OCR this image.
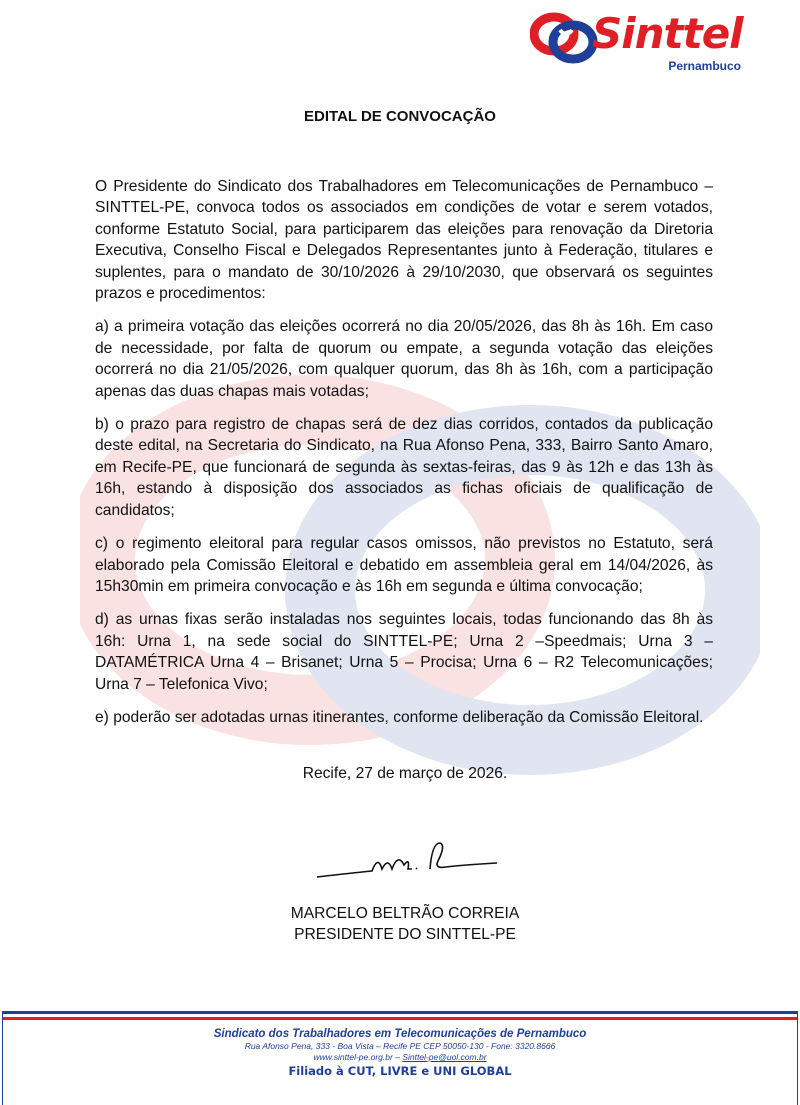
Sinttel
Pernambuco
EDITAL DE CONVOCAÇÃO

O Presidente do Sindicato dos Trabalhadores em Telecomunicações de Pernambuco – SINTTEL-PE, convoca todos os associados em condições de votar e serem votados, conforme Estatuto Social, para participarem das eleições para renovação da Diretoria Executiva, Conselho Fiscal e Delegados Representantes junto à Federação, titulares e suplentes, para o mandato de 30/10/2026 à 29/10/2030, que observará os seguintes prazos e procedimentos:

a) a primeira votação das eleições ocorrerá no dia 20/05/2026, das 8h às 16h. Em caso de necessidade, por falta de quorum ou empate, a segunda votação das eleições ocorrerá no dia 21/05/2026, com qualquer quorum, das 8h às 16h, com a participação apenas das duas chapas mais votadas;

b) o prazo para registro de chapas será de dez dias corridos, contados da publicação deste edital, na Secretaria do Sindicato, na Rua Afonso Pena, 333, Bairro Santo Amaro, em Recife-PE, que funcionará de segunda às sextas-feiras, das 9 às 12h e das 13h às 16h, estando à disposição dos associados as fichas oficiais de qualificação de candidatos;

c) o regimento eleitoral para regular casos omissos, não previstos no Estatuto, será elaborado pela Comissão Eleitoral e debatido em assembleia geral em 14/04/2026, às 15h30min em primeira convocação e às 16h em segunda e última convocação;

d) as urnas fixas serão instaladas nos seguintes locais, todas funcionando das 8h às 16h: Urna 1, na sede social do SINTTEL-PE; Urna 2 –Speedmais; Urna 3 – DATAMÉTRICA Urna 4 – Brisanet; Urna 5 – Procisa; Urna 6 – R2 Telecomunicações; Urna 7 – Telefonica Vivo;

e) poderão ser adotadas urnas itinerantes, conforme deliberação da Comissão Eleitoral.

Recife, 27 de março de 2026.
MARCELO BELTRÃO CORREIA
PRESIDENTE DO SINTTEL-PE
Sindicato dos Trabalhadores em Telecomunicações de Pernambuco
Rua Afonso Pena, 333 - Boa Vista – Recife PE CEP 50050-130 - Fone: 3320.8666
www.sinttel-pe.org.br – Sinttel-pe@uol.com.br
Filiado à CUT, LIVRE e UNI GLOBAL
